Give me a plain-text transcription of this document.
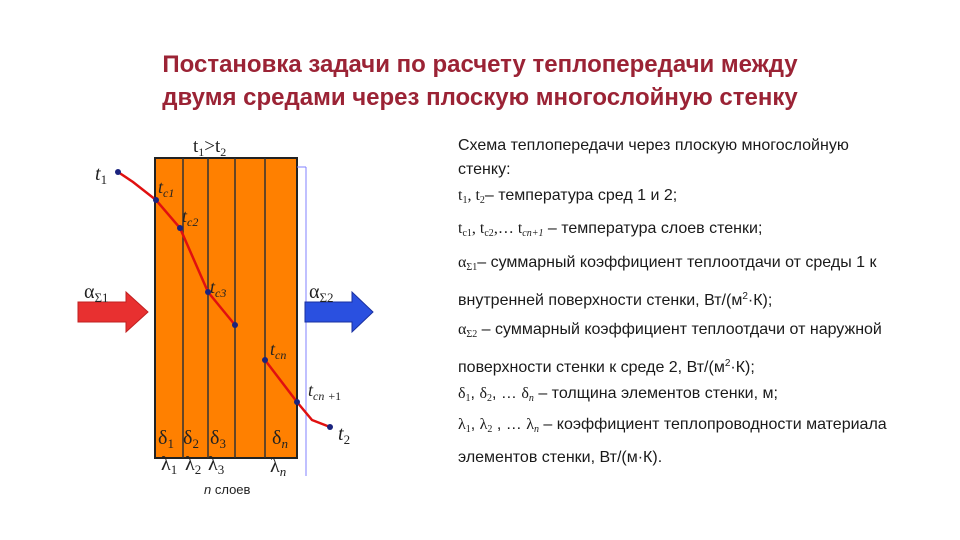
Постановка задачи по расчету теплопередачи между
двумя средами через плоскую многослойную стенку
$t_1>t_2$
$t_1$	$t_{c1}$
$t_{c2}$
$t_{c3}$
$t_{cn}$
$t_{cn} +1$
$t_2$
$\alpha_{\Sigma 1}$	$\alpha_{\Sigma 2}$
$\delta_1$ $\delta_2$ $\delta_3$ $\delta_n$
$\lambda_1$ $\lambda_2$ $\lambda_3$ $\lambda_n$
n слоев

Схема теплопередачи через плоскую многослойную стенку:

$t_1$, $t_2-$ температура сред 1 и 2;

$t_{c1}$, $t_{c2},\dots$ $t_{cn+1}$ – температура слоев стенки;

$\alpha_{\Sigma 1}-$ суммарный коэффициент теплоотдачи от среды 1 к внутренней поверхности стенки, $Вт/(м^2\cdot К)$;

$\alpha_{\Sigma 2}$ – суммарный коэффициент теплоотдачи от наружной поверхности стенки к среде 2, $Вт/(м^2\cdot К)$;

$\delta_1$, $\delta_2$, … $\delta_n$ – толщина элементов стенки, м;

$\lambda_1$, $\lambda_2$ , … $\lambda_n$ – коэффициент теплопроводности материала элементов стенки, Вт/(м·К).
